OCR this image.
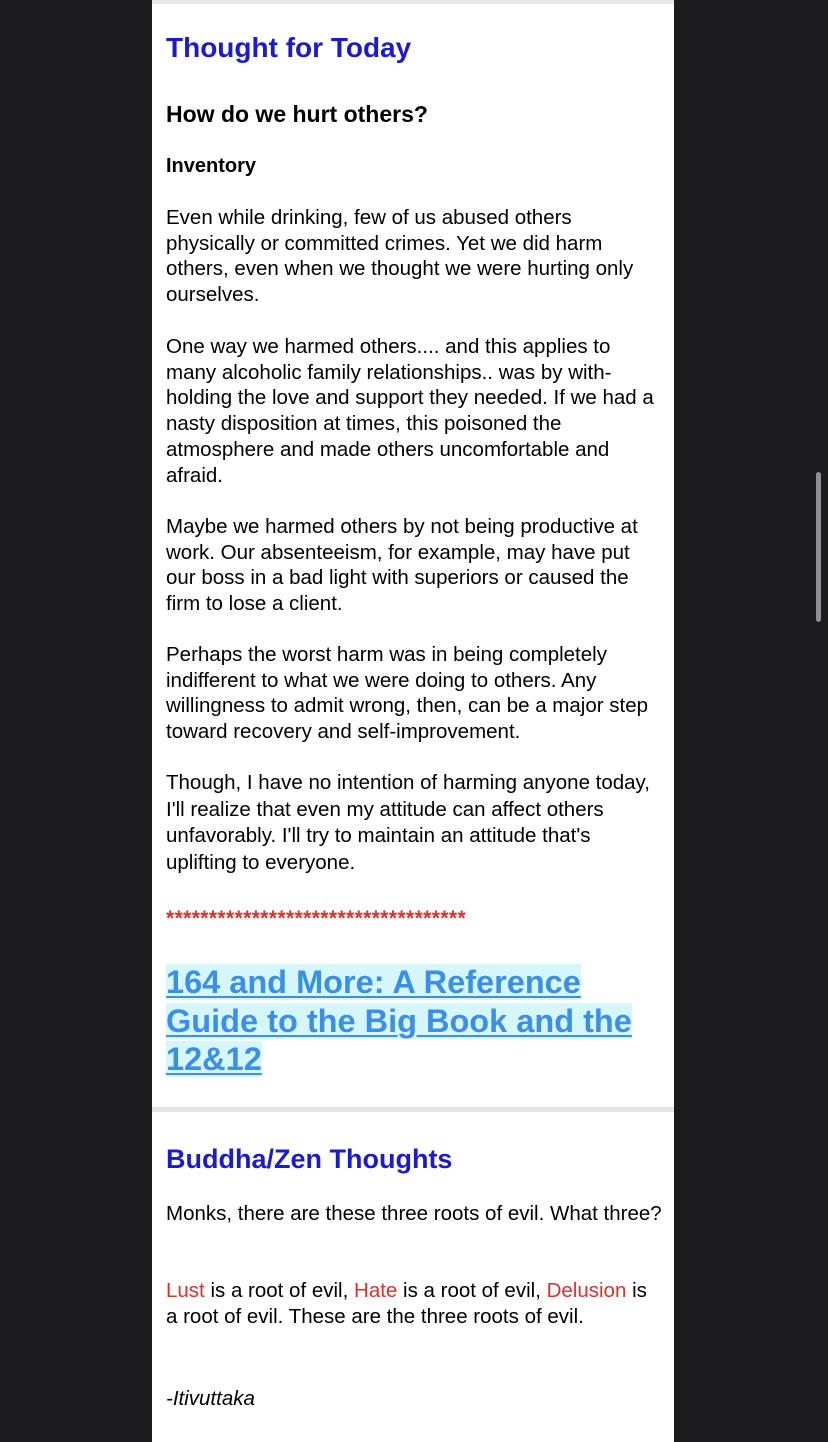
Thought for Today
How do we hurt others?
Inventory

Even while drinking, few of us abused others physically or committed crimes. Yet we did harm others, even when we thought we were hurting only ourselves.

One way we harmed others.... and this applies to many alcoholic family relationships.. was by with-holding the love and support they needed. If we had a nasty disposition at times, this poisoned the atmosphere and made others uncomfortable and afraid.

Maybe we harmed others by not being productive at work. Our absenteeism, for example, may have put our boss in a bad light with superiors or caused the firm to lose a client.

Perhaps the worst harm was in being completely indifferent to what we were doing to others. Any willingness to admit wrong, then, can be a major step toward recovery and self-improvement.

Though, I have no intention of harming anyone today, I'll realize that even my attitude can affect others unfavorably. I'll try to maintain an attitude that's uplifting to everyone.

***********************************
164 and More: A Reference Guide to the Big Book and the 12&12
Buddha/Zen Thoughts

Monks, there are these three roots of evil. What three?

Lust is a root of evil, Hate is a root of evil, Delusion is a root of evil. These are the three roots of evil.

-Itivuttaka
